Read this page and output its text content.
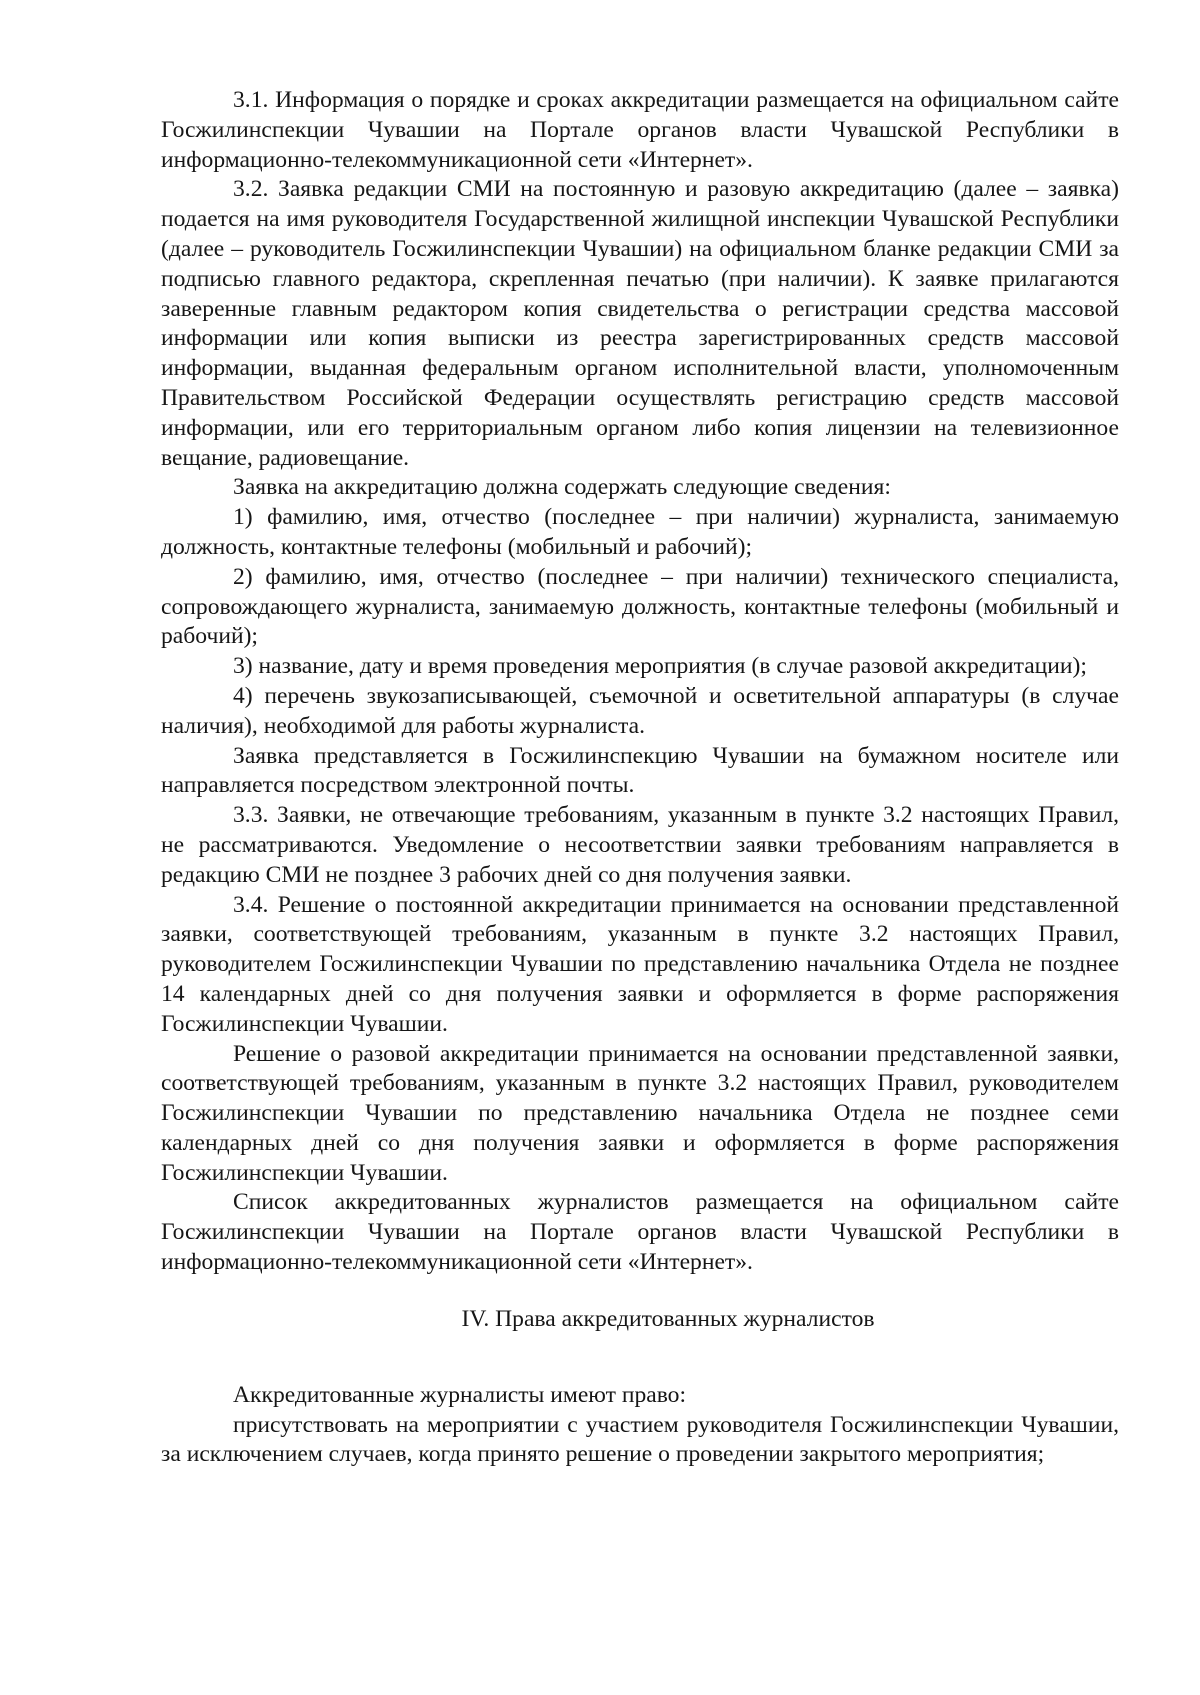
3.1. Информация о порядке и сроках аккредитации размещается на официальном сайте Госжилинспекции Чувашии на Портале органов власти Чувашской Республики в информационно-телекоммуникационной сети «Интернет».

3.2. Заявка редакции СМИ на постоянную и разовую аккредитацию (далее – заявка) подается на имя руководителя Государственной жилищной инспекции Чувашской Республики (далее – руководитель Госжилинспекции Чувашии) на официальном бланке редакции СМИ за подписью главного редактора, скрепленная печатью (при наличии). К заявке прилагаются заверенные главным редактором копия свидетельства о регистрации средства массовой информации или копия выписки из реестра зарегистрированных средств массовой информации, выданная федеральным органом исполнительной власти, уполномоченным Правительством Российской Федерации осуществлять регистрацию средств массовой информации, или его территориальным органом либо копия лицензии на телевизионное вещание, радиовещание.

Заявка на аккредитацию должна содержать следующие сведения:

1) фамилию, имя, отчество (последнее – при наличии) журналиста, занимаемую должность, контактные телефоны (мобильный и рабочий);

2) фамилию, имя, отчество (последнее – при наличии) технического специалиста, сопровождающего журналиста, занимаемую должность, контактные телефоны (мобильный и рабочий);

3) название, дату и время проведения мероприятия (в случае разовой аккредитации);

4) перечень звукозаписывающей, съемочной и осветительной аппаратуры (в случае наличия), необходимой для работы журналиста.

Заявка представляется в Госжилинспекцию Чувашии на бумажном носителе или направляется посредством электронной почты.

3.3. Заявки, не отвечающие требованиям, указанным в пункте 3.2 настоящих Правил, не рассматриваются. Уведомление о несоответствии заявки требованиям направляется в редакцию СМИ не позднее 3 рабочих дней со дня получения заявки.

3.4. Решение о постоянной аккредитации принимается на основании представленной заявки, соответствующей требованиям, указанным в пункте 3.2 настоящих Правил, руководителем Госжилинспекции Чувашии по представлению начальника Отдела не позднее 14 календарных дней со дня получения заявки и оформляется в форме распоряжения Госжилинспекции Чувашии.

Решение о разовой аккредитации принимается на основании представленной заявки, соответствующей требованиям, указанным в пункте 3.2 настоящих Правил, руководителем Госжилинспекции Чувашии по представлению начальника Отдела не позднее семи календарных дней со дня получения заявки и оформляется в форме распоряжения Госжилинспекции Чувашии.

Список аккредитованных журналистов размещается на официальном сайте Госжилинспекции Чувашии на Портале органов власти Чувашской Республики в информационно-телекоммуникационной сети «Интернет».

IV. Права аккредитованных журналистов

Аккредитованные журналисты имеют право:

присутствовать на мероприятии с участием руководителя Госжилинспекции Чувашии, за исключением случаев, когда принято решение о проведении закрытого мероприятия;
